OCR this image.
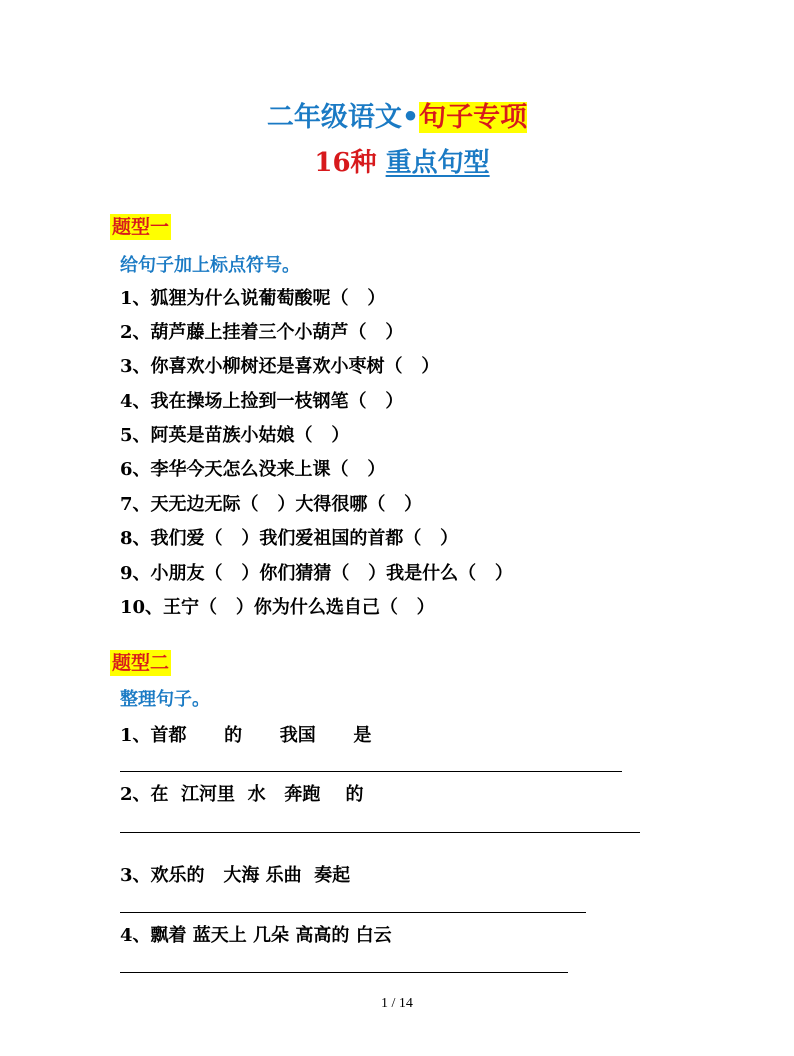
二年级语文•句子专项
16种 重点句型
题型一
给句子加上标点符号。
1、狐狸为什么说葡萄酸呢（   ）
2、葫芦藤上挂着三个小葫芦（   ）
3、你喜欢小柳树还是喜欢小枣树（   ）
4、我在操场上捡到一枝钢笔（   ）
5、阿英是苗族小姑娘（   ）
6、李华今天怎么没来上课（   ）
7、天无边无际（   ）大得很哪（   ）
8、我们爱（   ）我们爱祖国的首都（   ）
9、小朋友（   ）你们猜猜（   ）我是什么（   ）
10、王宁（   ）你为什么选自己（   ）
题型二
整理句子。
1、首都      的      我国      是
2、在  江河里  水   奔跑    的
3、欢乐的   大海 乐曲  奏起
4、飘着 蓝天上 几朵 高高的 白云
1 / 14
